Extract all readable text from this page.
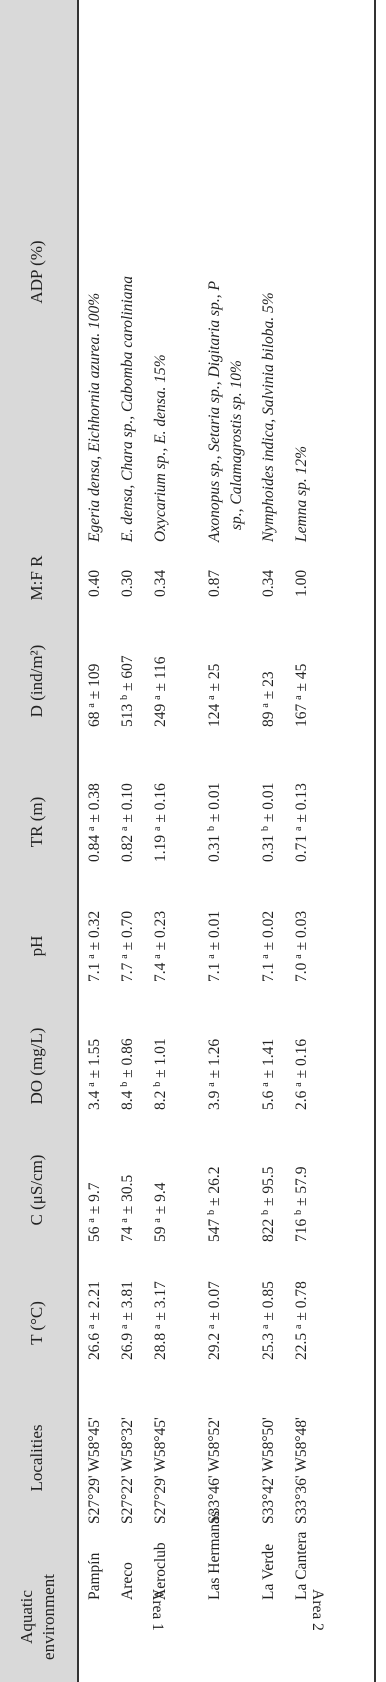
Aquatic environment
Localities
T (°C)
C (μS/cm)
DO (mg/L)
pH
TR (m)
D (ind/m²)
M:F R
ADP (%)
Area 1	Area 2
Pampín
S27°29' W58°45'
26.6 $^a$ ± 2.21
56 $^a$ ± 9.7
3.4 $^a$ ± 1.55
7.1 $^a$ ± 0.32
0.84 $^a$ ± 0.38
68 $^a$ ± 109
0.40
Egeria densa, Eichhornia azurea. 100%
Areco
S27°22' W58°32'
26.9 $^a$ ± 3.81
74 $^a$ ± 30.5
8.4 $^b$ ± 0.86
7.7 $^a$ ± 0.70
0.82 $^a$ ± 0.10
513 $^b$ ± 607
0.30
E. densa, Chara sp., Cabomba caroliniana
Aeroclub
S27°29' W58°45'
28.8 $^a$ ± 3.17
59 $^a$ ± 9.4
8.2 $^b$ ± 1.01
7.4 $^a$ ± 0.23
1.19 $^a$ ± 0.16
249 $^a$ ± 116
0.34
Oxycarium sp., E. densa. 15%
Las Hermanas
S33°46' W58°52'
29.2 $^a$ ± 0.07
547 $^b$ ± 26.2
3.9 $^a$ ± 1.26
7.1 $^a$ ± 0.01
0.31 $^b$ ± 0.01
124 $^a$ ± 25
0.87
Axonopus sp., Setaria sp., Digitaria sp., P sp., Calamagrostis sp. 10%
La Verde
S33°42' W58°50'
25.3 $^a$ ± 0.85
822 $^b$ ± 95.5
5.6 $^a$ ± 1.41
7.1 $^a$ ± 0.02
0.31 $^b$ ± 0.01
89 $^a$ ± 23
0.34
Nymphoides indica, Salvinia biloba. 5%
La Cantera
S33°36' W58°48'
22.5 $^a$ ± 0.78
716 $^b$ ± 57.9
2.6 $^a$ ± 0.16
7.0 $^a$ ± 0.03
0.71 $^a$ ± 0.13
167 $^a$ ± 45
1.00
Lemna sp. 12%
